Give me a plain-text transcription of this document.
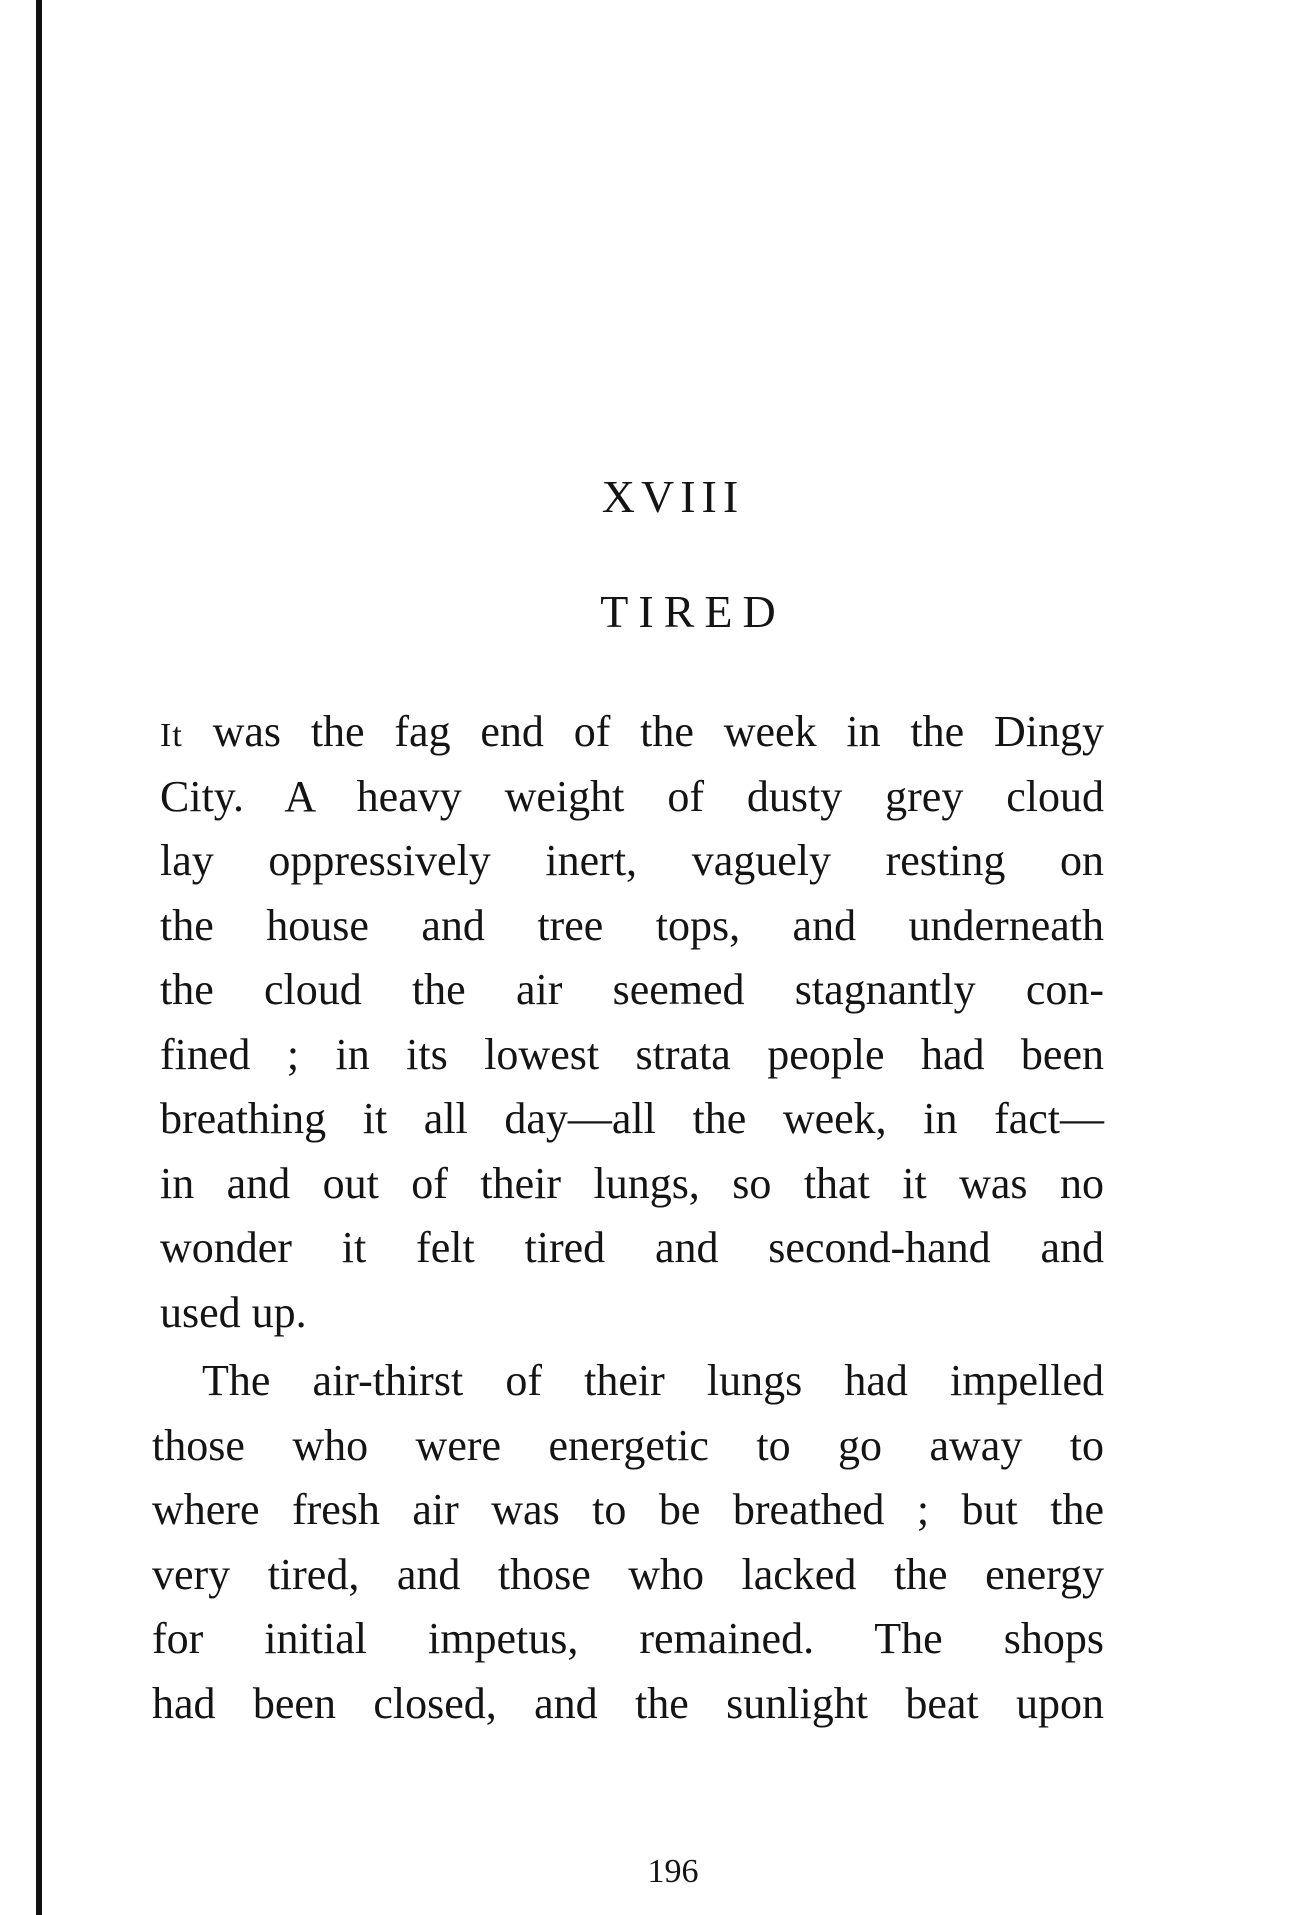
XVIII
TIRED
It was the fag end of the week in the Dingy
City. A heavy weight of dusty grey cloud
lay oppressively inert, vaguely resting on
the house and tree tops, and underneath
the cloud the air seemed stagnantly con-
fined ; in its lowest strata people had been
breathing it all day—all the week, in fact—
in and out of their lungs, so that it was no
wonder it felt tired and second-hand and
used up.
The air-thirst of their lungs had impelled
those who were energetic to go away to
where fresh air was to be breathed ; but the
very tired, and those who lacked the energy
for initial impetus, remained. The shops
had been closed, and the sunlight beat upon
196
